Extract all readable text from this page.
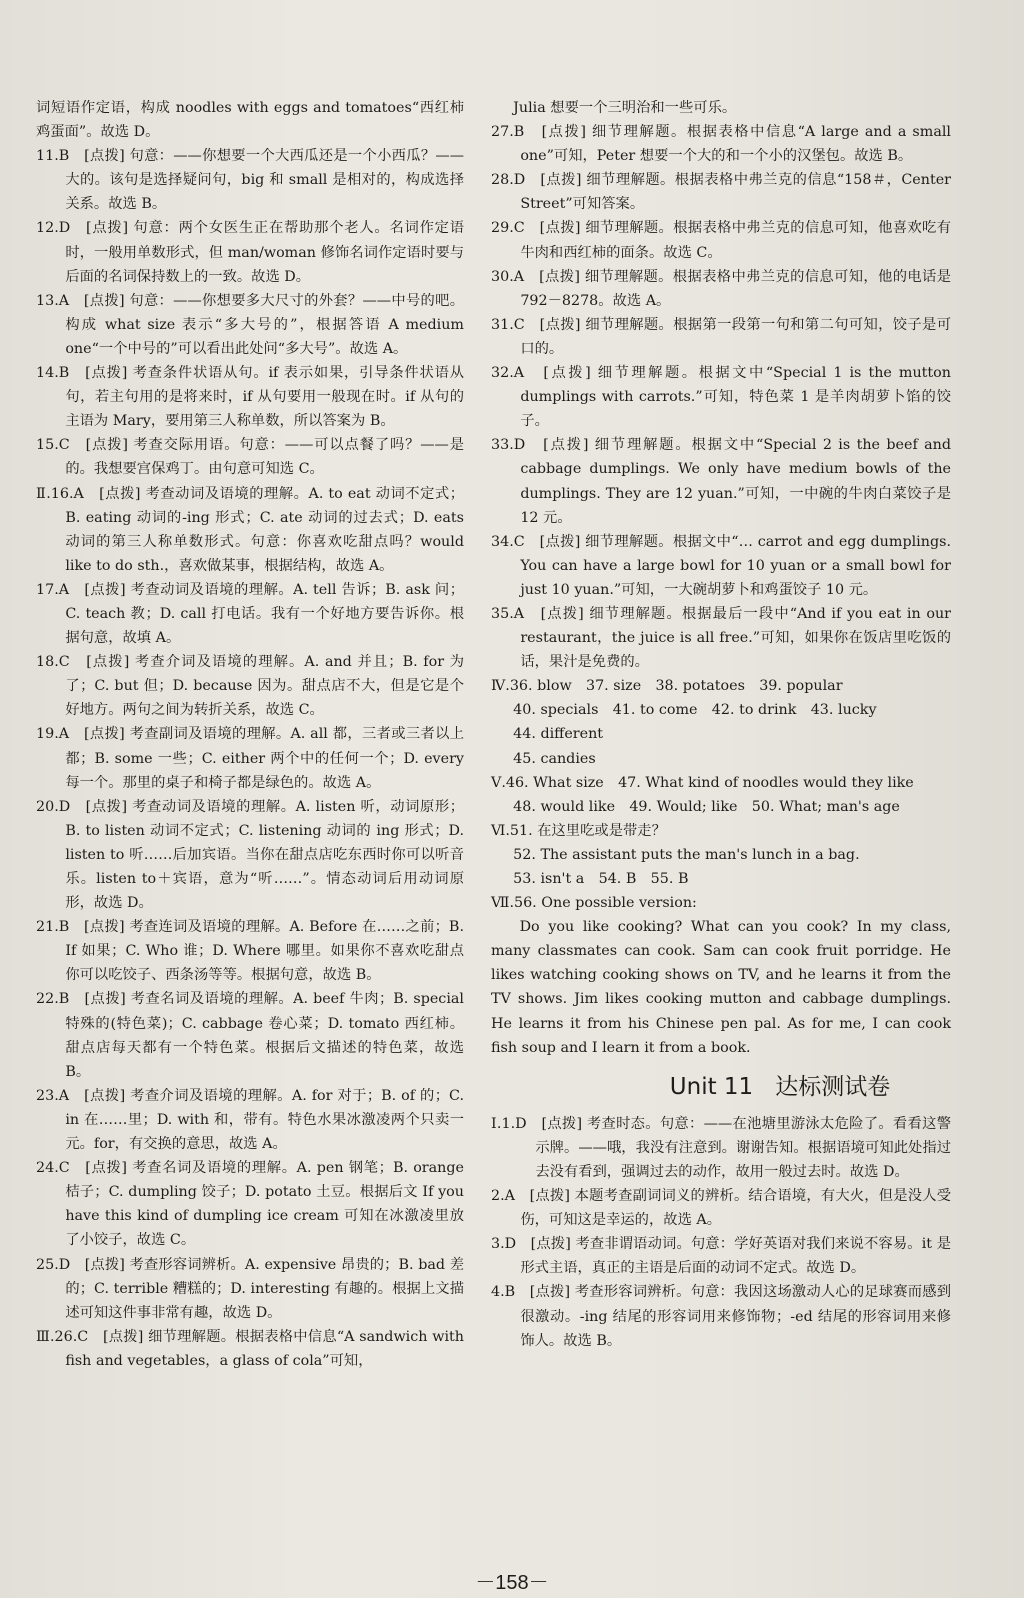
词短语作定语，构成 noodles with eggs and tomatoes“西红柿鸡蛋面”。故选 D。
11.B　[点拨] 句意：——你想要一个大西瓜还是一个小西瓜？——大的。该句是选择疑问句，big 和 small 是相对的，构成选择关系。故选 B。
12.D　[点拨] 句意：两个女医生正在帮助那个老人。名词作定语时，一般用单数形式，但 man/woman 修饰名词作定语时要与后面的名词保持数上的一致。故选 D。
13.A　[点拨] 句意：——你想要多大尺寸的外套？——中号的吧。构成 what size 表示“多大号的”，根据答语 A medium one“一个中号的”可以看出此处问“多大号”。故选 A。
14.B　[点拨] 考查条件状语从句。if 表示如果，引导条件状语从句，若主句用的是将来时，if 从句要用一般现在时。if 从句的主语为 Mary，要用第三人称单数，所以答案为 B。
15.C　[点拨] 考查交际用语。句意：——可以点餐了吗？——是的。我想要宫保鸡丁。由句意可知选 C。
Ⅱ.16.A　[点拨] 考查动词及语境的理解。A. to eat 动词不定式；B. eating 动词的-ing 形式；C. ate 动词的过去式；D. eats 动词的第三人称单数形式。句意：你喜欢吃甜点吗？would like to do sth.，喜欢做某事，根据结构，故选 A。
17.A　[点拨] 考查动词及语境的理解。A. tell 告诉；B. ask 问；C. teach 教；D. call 打电话。我有一个好地方要告诉你。根据句意，故填 A。
18.C　[点拨] 考查介词及语境的理解。A. and 并且；B. for 为了；C. but 但；D. because 因为。甜点店不大，但是它是个好地方。两句之间为转折关系，故选 C。
19.A　[点拨] 考查副词及语境的理解。A. all 都，三者或三者以上都；B. some 一些；C. either 两个中的任何一个；D. every 每一个。那里的桌子和椅子都是绿色的。故选 A。
20.D　[点拨] 考查动词及语境的理解。A. listen 听，动词原形；B. to listen 动词不定式；C. listening 动词的 ing 形式；D. listen to 听……后加宾语。当你在甜点店吃东西时你可以听音乐。listen to＋宾语，意为“听……”。情态动词后用动词原形，故选 D。
21.B　[点拨] 考查连词及语境的理解。A. Before 在……之前；B. If 如果；C. Who 谁；D. Where 哪里。如果你不喜欢吃甜点你可以吃饺子、西条汤等等。根据句意，故选 B。
22.B　[点拨] 考查名词及语境的理解。A. beef 牛肉；B. special 特殊的(特色菜)；C. cabbage 卷心菜；D. tomato 西红柿。甜点店每天都有一个特色菜。根据后文描述的特色菜，故选 B。
23.A　[点拨] 考查介词及语境的理解。A. for 对于；B. of 的；C. in 在……里；D. with 和，带有。特色水果冰激凌两个只卖一元。for，有交换的意思，故选 A。
24.C　[点拨] 考查名词及语境的理解。A. pen 钢笔；B. orange 桔子；C. dumpling 饺子；D. potato 土豆。根据后文 If you have this kind of dumpling ice cream 可知在冰激凌里放了小饺子，故选 C。
25.D　[点拨] 考查形容词辨析。A. expensive 昂贵的；B. bad 差的；C. terrible 糟糕的；D. interesting 有趣的。根据上文描述可知这件事非常有趣，故选 D。
Ⅲ.26.C　[点拨] 细节理解题。根据表格中信息“A sandwich with fish and vegetables，a glass of cola”可知，
Julia 想要一个三明治和一些可乐。
27.B　[点拨] 细节理解题。根据表格中信息“A large and a small one”可知，Peter 想要一个大的和一个小的汉堡包。故选 B。
28.D　[点拨] 细节理解题。根据表格中弗兰克的信息“158＃，Center Street”可知答案。
29.C　[点拨] 细节理解题。根据表格中弗兰克的信息可知，他喜欢吃有牛肉和西红柿的面条。故选 C。
30.A　[点拨] 细节理解题。根据表格中弗兰克的信息可知，他的电话是 792－8278。故选 A。
31.C　[点拨] 细节理解题。根据第一段第一句和第二句可知，饺子是可口的。
32.A　[点拨] 细节理解题。根据文中“Special 1 is the mutton dumplings with carrots.”可知，特色菜 1 是羊肉胡萝卜馅的饺子。
33.D　[点拨] 细节理解题。根据文中“Special 2 is the beef and cabbage dumplings. We only have medium bowls of the dumplings. They are 12 yuan.”可知，一中碗的牛肉白菜饺子是 12 元。
34.C　[点拨] 细节理解题。根据文中“… carrot and egg dumplings. You can have a large bowl for 10 yuan or a small bowl for just 10 yuan.”可知，一大碗胡萝卜和鸡蛋饺子 10 元。
35.A　[点拨] 细节理解题。根据最后一段中“And if you eat in our restaurant，the juice is all free.”可知，如果你在饭店里吃饭的话，果汁是免费的。
Ⅳ.36. blow　37. size　38. potatoes　39. popular
40. specials　41. to come　42. to drink　43. lucky
44. different
45. candies
Ⅴ.46. What size　47. What kind of noodles would they like
48. would like　49. Would; like　50. What; man's age
Ⅵ.51. 在这里吃或是带走？
52. The assistant puts the man's lunch in a bag.
53. isn't a　54. B　55. B
Ⅶ.56. One possible version:
Do you like cooking? What can you cook? In my class, many classmates can cook. Sam can cook fruit porridge. He likes watching cooking shows on TV, and he learns it from the TV shows. Jim likes cooking mutton and cabbage dumplings. He learns it from his Chinese pen pal. As for me, I can cook fish soup and I learn it from a book.
Unit 11 达标测试卷
Ⅰ.1.D　[点拨] 考查时态。句意：——在池塘里游泳太危险了。看看这警示牌。——哦，我没有注意到。谢谢告知。根据语境可知此处指过去没有看到，强调过去的动作，故用一般过去时。故选 D。
2.A　[点拨] 本题考查副词词义的辨析。结合语境，有大火，但是没人受伤，可知这是幸运的，故选 A。
3.D　[点拨] 考查非谓语动词。句意：学好英语对我们来说不容易。it 是形式主语，真正的主语是后面的动词不定式。故选 D。
4.B　[点拨] 考查形容词辨析。句意：我因这场激动人心的足球赛而感到很激动。-ing 结尾的形容词用来修饰物；-ed 结尾的形容词用来修饰人。故选 B。
－158－
